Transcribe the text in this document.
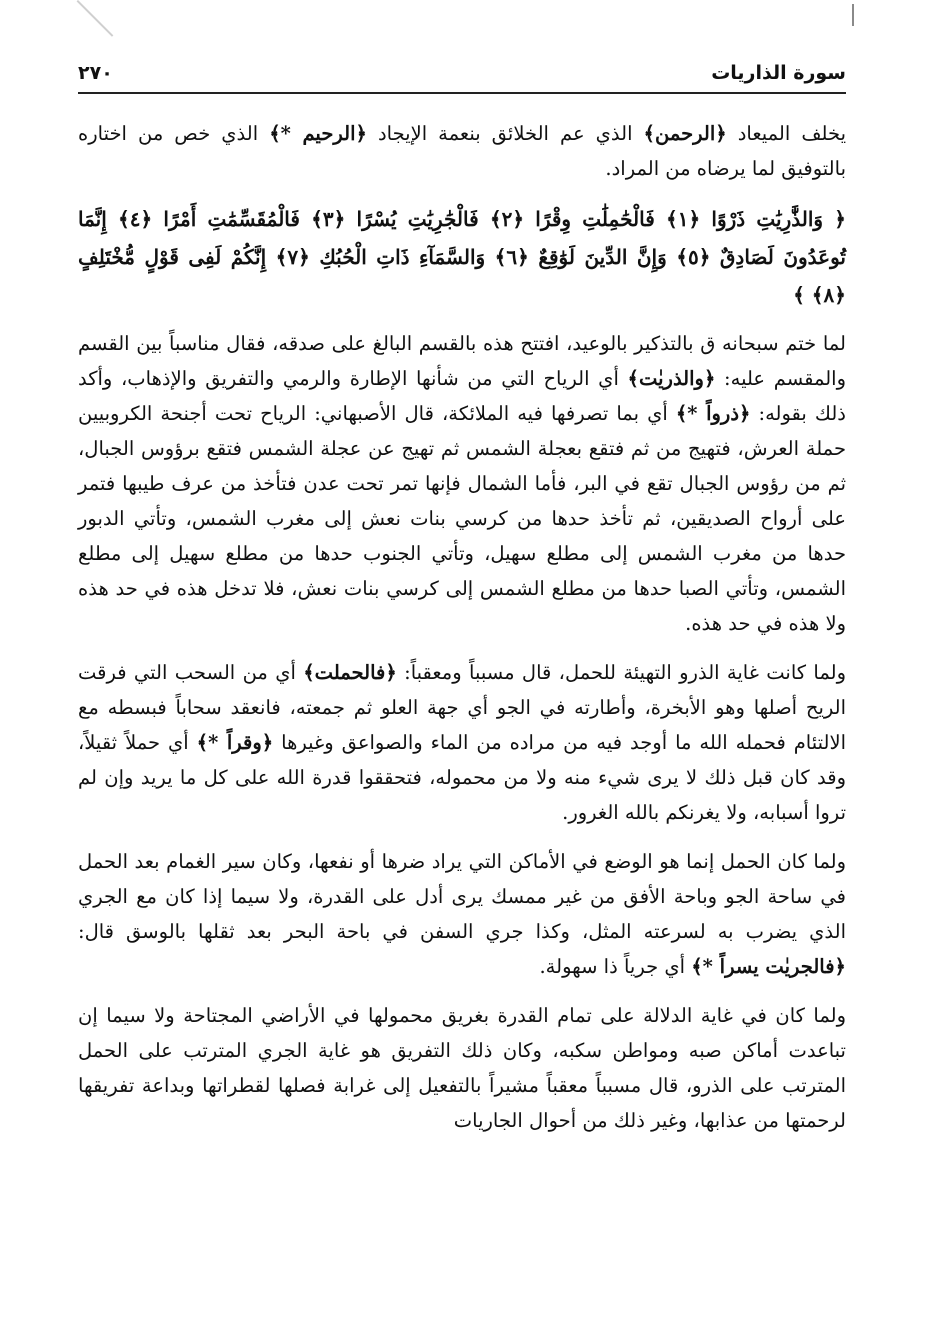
سورة الذاريات
٢٧٠

يخلف الميعاد ﴿الرحمن﴾ الذي عم الخلائق بنعمة الإيجاد ﴿الرحيم *﴾ الذي خص من اختاره بالتوفيق لما يرضاه من المراد.

﴿ وَالذَّٰرِيَٰتِ ذَرْوًا ﴿١﴾ فَالْحَٰمِلَٰتِ وِقْرًا ﴿٢﴾ فَالْجَٰرِيَٰتِ يُسْرًا ﴿٣﴾ فَالْمُقَسِّمَٰتِ أَمْرًا ﴿٤﴾ إِنَّمَا تُوعَدُونَ لَصَادِقٌ ﴿٥﴾ وَإِنَّ الدِّينَ لَوَٰقِعٌ ﴿٦﴾ وَالسَّمَآءِ ذَاتِ الْحُبُكِ ﴿٧﴾ إِنَّكُمْ لَفِى قَوْلٍ مُّخْتَلِفٍ ﴿٨﴾ ﴾

لما ختم سبحانه ق بالتذكير بالوعيد، افتتح هذه بالقسم البالغ على صدقه، فقال مناسباً بين القسم والمقسم عليه: ﴿والذريٰت﴾ أي الرياح التي من شأنها الإطارة والرمي والتفريق والإذهاب، وأكد ذلك بقوله: ﴿ذرواً *﴾ أي بما تصرفها فيه الملائكة، قال الأصبهاني: الرياح تحت أجنحة الكروبيين حملة العرش، فتهيج من ثم فتقع بعجلة الشمس ثم تهيج عن عجلة الشمس فتقع برؤوس الجبال، ثم من رؤوس الجبال تقع في البر، فأما الشمال فإنها تمر تحت عدن فتأخذ من عرف طيبها فتمر على أرواح الصديقين، ثم تأخذ حدها من كرسي بنات نعش إلى مغرب الشمس، وتأتي الدبور حدها من مغرب الشمس إلى مطلع سهيل، وتأتي الجنوب حدها من مطلع سهيل إلى مطلع الشمس، وتأتي الصبا حدها من مطلع الشمس إلى كرسي بنات نعش، فلا تدخل هذه في حد هذه ولا هذه في حد هذه.

ولما كانت غاية الذرو التهيئة للحمل، قال مسبباً ومعقباً: ﴿فالحملت﴾ أي من السحب التي فرقت الريح أصلها وهو الأبخرة، وأطارته في الجو أي جهة العلو ثم جمعته، فانعقد سحاباً فبسطه مع الالتئام فحمله الله ما أوجد فيه من مراده من الماء والصواعق وغيرها ﴿وقراً *﴾ أي حملاً ثقيلاً، وقد كان قبل ذلك لا يرى شيء منه ولا من محموله، فتحققوا قدرة الله على كل ما يريد وإن لم تروا أسبابه، ولا يغرنكم بالله الغرور.

ولما كان الحمل إنما هو الوضع في الأماكن التي يراد ضرها أو نفعها، وكان سير الغمام بعد الحمل في ساحة الجو وباحة الأفق من غير ممسك يرى أدل على القدرة، ولا سيما إذا كان مع الجري الذي يضرب به لسرعته المثل، وكذا جري السفن في باحة البحر بعد ثقلها بالوسق قال: ﴿فالجريٰت يسراً *﴾ أي جرياً ذا سهولة.

ولما كان في غاية الدلالة على تمام القدرة بغريق محمولها في الأراضي المجتاحة ولا سيما إن تباعدت أماكن صبه ومواطن سكبه، وكان ذلك التفريق هو غاية الجري المترتب على الحمل المترتب على الذرو، قال مسبباً معقباً مشيراً بالتفعيل إلى غرابة فصلها لقطراتها وبداعة تفريقها لرحمتها من عذابها، وغير ذلك من أحوال الجاريات
